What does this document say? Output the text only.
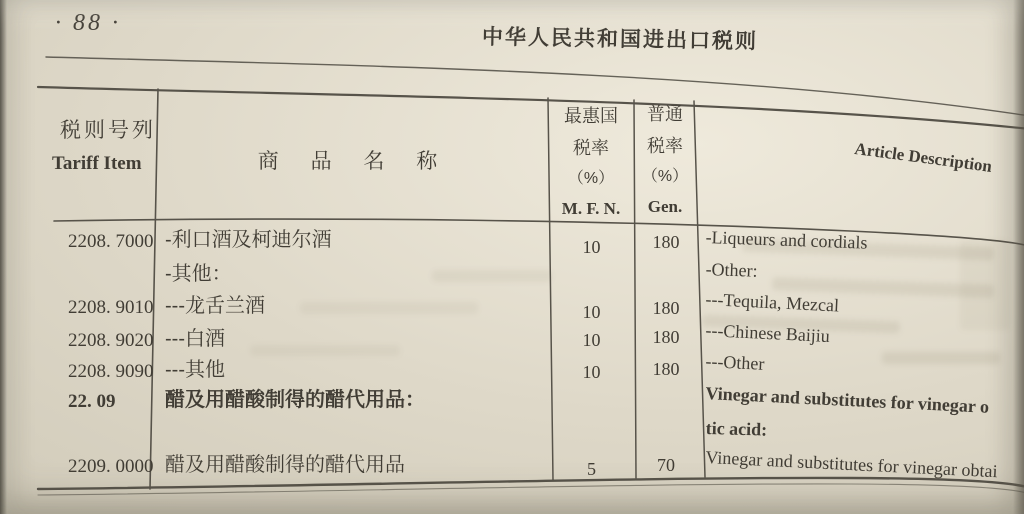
· 88 ·
中华人民共和国进出口税则
税则号列
Tariff Item	商 品 名 称
最惠国
税率
（%）
M. F. N.
普通
税率
（%）
Gen.
Article Description
2208. 7000 -利口酒及柯迪尔酒	10	180	-Liqueurs and cordials
-其他：	-Other:
2208. 9010 ---龙舌兰酒	10	180	---Tequila, Mezcal
2208. 9020 ---白酒	10	180	---Chinese Baijiu
2208. 9090 ---其他	10	180	---Other
22. 09 醋及用醋酸制得的醋代用品：	Vinegar and substitutes for vinegar o
tic acid:
2209. 0000 醋及用醋酸制得的醋代用品	5	70	Vinegar and substitutes for vinegar obtai
